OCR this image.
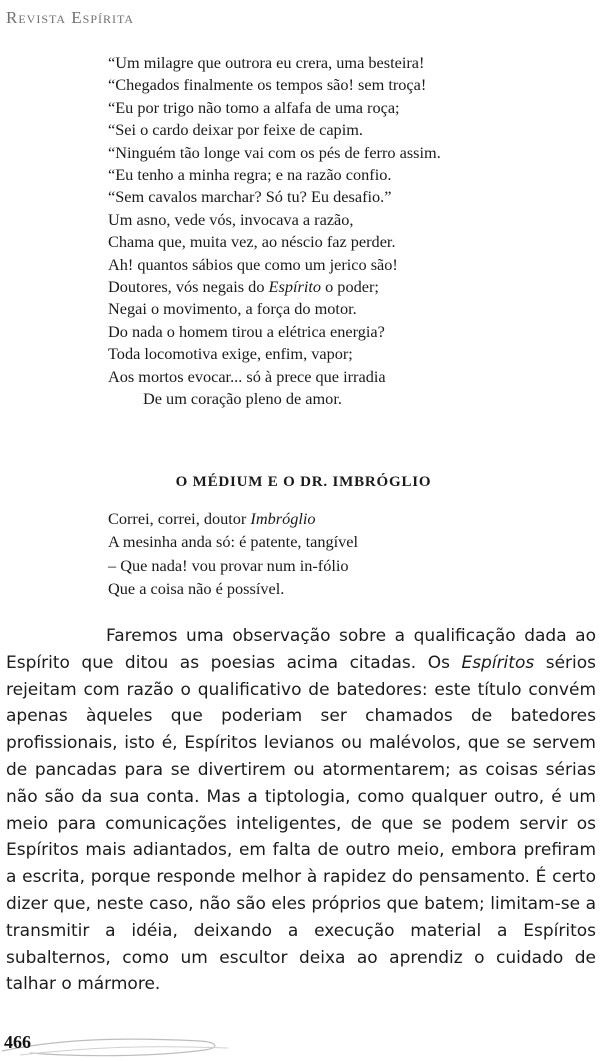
Revista Espírita
“Um milagre que outrora eu crera, uma besteira!
“Chegados finalmente os tempos são! sem troça!
“Eu por trigo não tomo a alfafa de uma roça;
“Sei o cardo deixar por feixe de capim.
“Ninguém tão longe vai com os pés de ferro assim.
“Eu tenho a minha regra; e na razão confio.
“Sem cavalos marchar? Só tu? Eu desafio.”
Um asno, vede vós, invocava a razão,
Chama que, muita vez, ao néscio faz perder.
Ah! quantos sábios que como um jerico são!
Doutores, vós negais do Espírito o poder;
Negai o movimento, a força do motor.
Do nada o homem tirou a elétrica energia?
Toda locomotiva exige, enfim, vapor;
Aos mortos evocar... só à prece que irradia
De um coração pleno de amor.
O MÉDIUM E O DR. IMBRÓGLIO
Correi, correi, doutor Imbróglio
A mesinha anda só: é patente, tangível
– Que nada! vou provar num in-fólio
Que a coisa não é possível.

Faremos uma observação sobre a qualificação dada ao Espírito que ditou as poesias acima citadas. Os Espíritos sérios rejeitam com razão o qualificativo de batedores: este título convém apenas àqueles que poderiam ser chamados de batedores profissionais, isto é, Espíritos levianos ou malévolos, que se servem de pancadas para se divertirem ou atormentarem; as coisas sérias não são da sua conta. Mas a tiptologia, como qualquer outro, é um meio para comunicações inteligentes, de que se podem servir os Espíritos mais adiantados, em falta de outro meio, embora prefiram a escrita, porque responde melhor à rapidez do pensamento. É certo dizer que, neste caso, não são eles próprios que batem; limitam-se a transmitir a idéia, deixando a execução material a Espíritos subalternos, como um escultor deixa ao aprendiz o cuidado de talhar o mármore.

466
